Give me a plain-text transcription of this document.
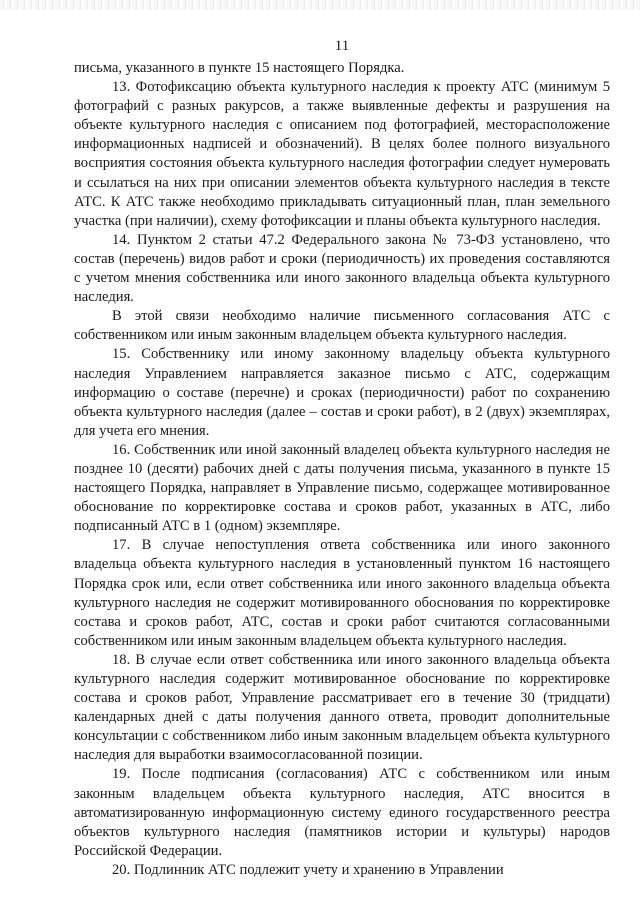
11

письма, указанного в пункте 15 настоящего Порядка.

13. Фотофиксацию объекта культурного наследия к проекту АТС (минимум 5 фотографий с разных ракурсов, а также выявленные дефекты и разрушения на объекте культурного наследия с описанием под фотографией, месторасположение информационных надписей и обозначений). В целях более полного визуального восприятия состояния объекта культурного наследия фотографии следует нумеровать и ссылаться на них при описании элементов объекта культурного наследия в тексте АТС. К АТС также необходимо прикладывать ситуационный план, план земельного участка (при наличии), схему фотофиксации и планы объекта культурного наследия.

14. Пунктом 2 статьи 47.2 Федерального закона № 73-ФЗ установлено, что состав (перечень) видов работ и сроки (периодичность) их проведения составляются с учетом мнения собственника или иного законного владельца объекта культурного наследия.

В этой связи необходимо наличие письменного согласования АТС с собственником или иным законным владельцем объекта культурного наследия.

15. Собственнику или иному законному владельцу объекта культурного наследия Управлением направляется заказное письмо с АТС, содержащим информацию о составе (перечне) и сроках (периодичности) работ по сохранению объекта культурного наследия (далее – состав и сроки работ), в 2 (двух) экземплярах, для учета его мнения.

16. Собственник или иной законный владелец объекта культурного наследия не позднее 10 (десяти) рабочих дней с даты получения письма, указанного в пункте 15 настоящего Порядка, направляет в Управление письмо, содержащее мотивированное обоснование по корректировке состава и сроков работ, указанных в АТС, либо подписанный АТС в 1 (одном) экземпляре.

17. В случае непоступления ответа собственника или иного законного владельца объекта культурного наследия в установленный пунктом 16 настоящего Порядка срок или, если ответ собственника или иного законного владельца объекта культурного наследия не содержит мотивированного обоснования по корректировке состава и сроков работ, АТС, состав и сроки работ считаются согласованными собственником или иным законным владельцем объекта культурного наследия.

18. В случае если ответ собственника или иного законного владельца объекта культурного наследия содержит мотивированное обоснование по корректировке состава и сроков работ, Управление рассматривает его в течение 30 (тридцати) календарных дней с даты получения данного ответа, проводит дополнительные консультации с собственником либо иным законным владельцем объекта культурного наследия для выработки взаимосогласованной позиции.

19. После подписания (согласования) АТС с собственником или иным законным владельцем объекта культурного наследия, АТС вносится в автоматизированную информационную систему единого государственного реестра объектов культурного наследия (памятников истории и культуры) народов Российской Федерации.

20. Подлинник АТС подлежит учету и хранению в Управлении
